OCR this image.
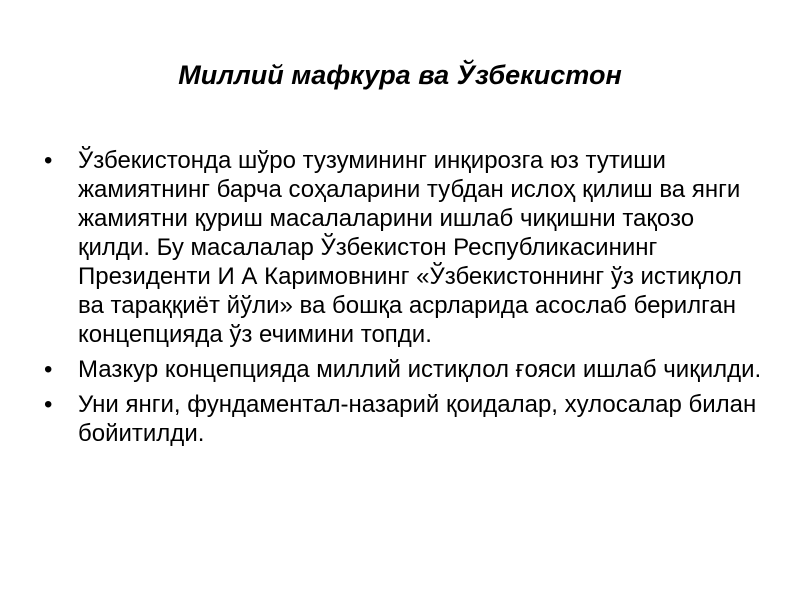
Миллий мафкура ва Ўзбекистон
•	Ўзбекистонда шўро тузумининг инқирозга юз тутиши жамиятнинг барча соҳаларини тубдан ислоҳ қилиш ва янги жамиятни қуриш масалаларини ишлаб чиқишни тақозо қилди. Бу масалалар Ўзбекистон Республикасининг Президенти И А Каримовнинг «Ўзбекистоннинг ўз истиқлол ва тараққиёт йўли» ва бошқа асрларида асослаб берилган концепцияда ўз ечимини топди.
•	Мазкур концепцияда миллий истиқлол ғояси ишлаб чиқилди.
•	Уни янги, фундаментал-назарий қоидалар, хулосалар билан бойитилди.
